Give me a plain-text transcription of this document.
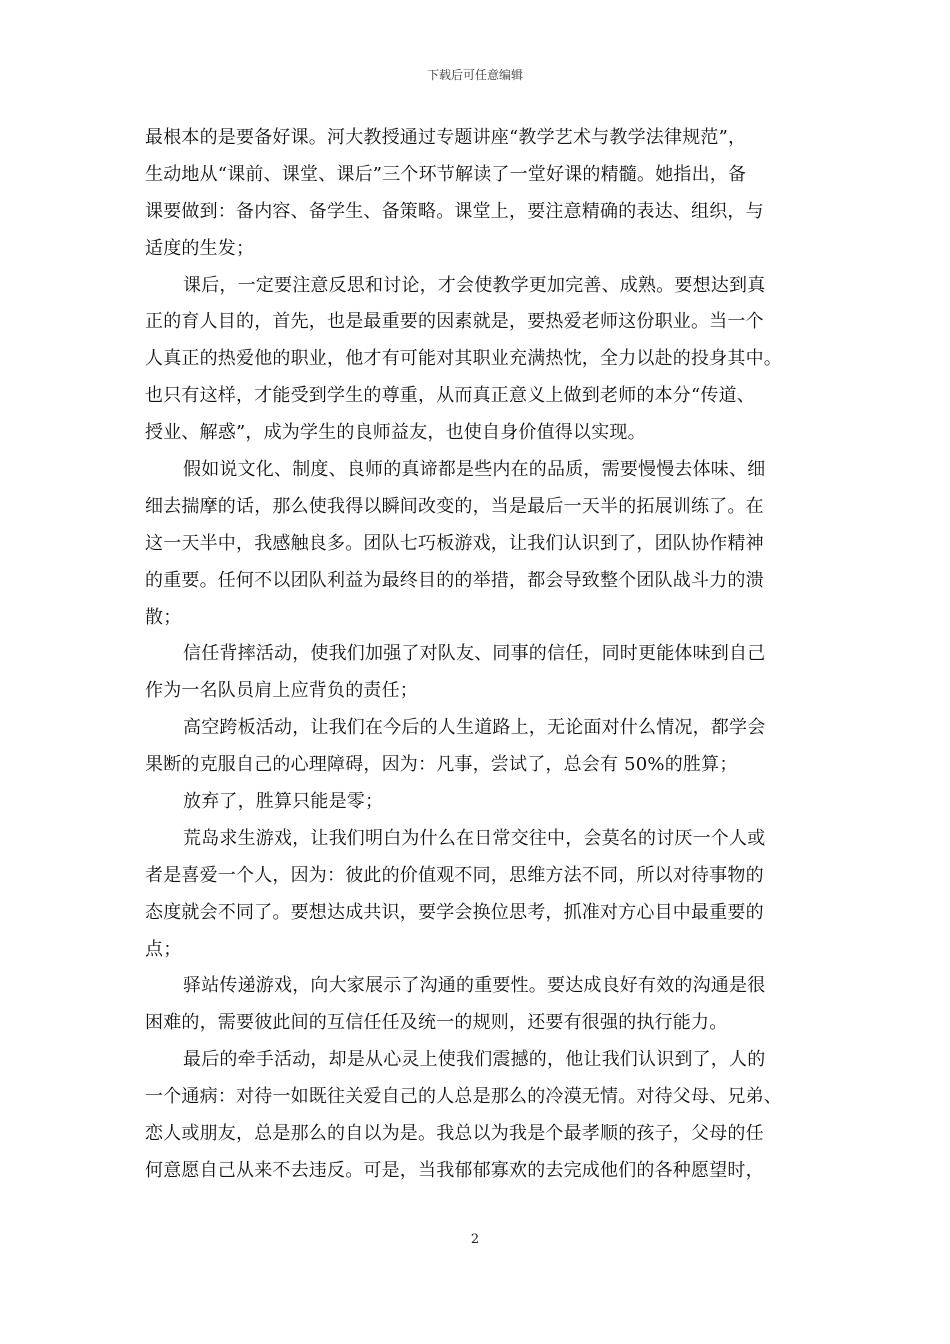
下载后可任意编辑
最根本的是要备好课。河大教授通过专题讲座“教学艺术与教学法律规范”，
生动地从“课前、课堂、课后”三个环节解读了一堂好课的精髓。她指出，备
课要做到：备内容、备学生、备策略。课堂上，要注意精确的表达、组织，与
适度的生发；
课后，一定要注意反思和讨论，才会使教学更加完善、成熟。要想达到真
正的育人目的，首先，也是最重要的因素就是，要热爱老师这份职业。当一个
人真正的热爱他的职业，他才有可能对其职业充满热忱，全力以赴的投身其中。
也只有这样，才能受到学生的尊重，从而真正意义上做到老师的本分“传道、
授业、解惑”，成为学生的良师益友，也使自身价值得以实现。
假如说文化、制度、良师的真谛都是些内在的品质，需要慢慢去体味、细
细去揣摩的话，那么使我得以瞬间改变的，当是最后一天半的拓展训练了。在
这一天半中，我感触良多。团队七巧板游戏，让我们认识到了，团队协作精神
的重要。任何不以团队利益为最终目的的举措，都会导致整个团队战斗力的溃
散；
信任背摔活动，使我们加强了对队友、同事的信任，同时更能体味到自己
作为一名队员肩上应背负的责任；
高空跨板活动，让我们在今后的人生道路上，无论面对什么情况，都学会
果断的克服自己的心理障碍，因为：凡事，尝试了，总会有 50%的胜算；
放弃了，胜算只能是零；
荒岛求生游戏，让我们明白为什么在日常交往中，会莫名的讨厌一个人或
者是喜爱一个人，因为：彼此的价值观不同，思维方法不同，所以对待事物的
态度就会不同了。要想达成共识，要学会换位思考，抓准对方心目中最重要的
点；
驿站传递游戏，向大家展示了沟通的重要性。要达成良好有效的沟通是很
困难的，需要彼此间的互信任任及统一的规则，还要有很强的执行能力。
最后的牵手活动，却是从心灵上使我们震撼的，他让我们认识到了，人的
一个通病：对待一如既往关爱自己的人总是那么的冷漠无情。对待父母、兄弟、
恋人或朋友，总是那么的自以为是。我总以为我是个最孝顺的孩子，父母的任
何意愿自己从来不去违反。可是，当我郁郁寡欢的去完成他们的各种愿望时，
2
